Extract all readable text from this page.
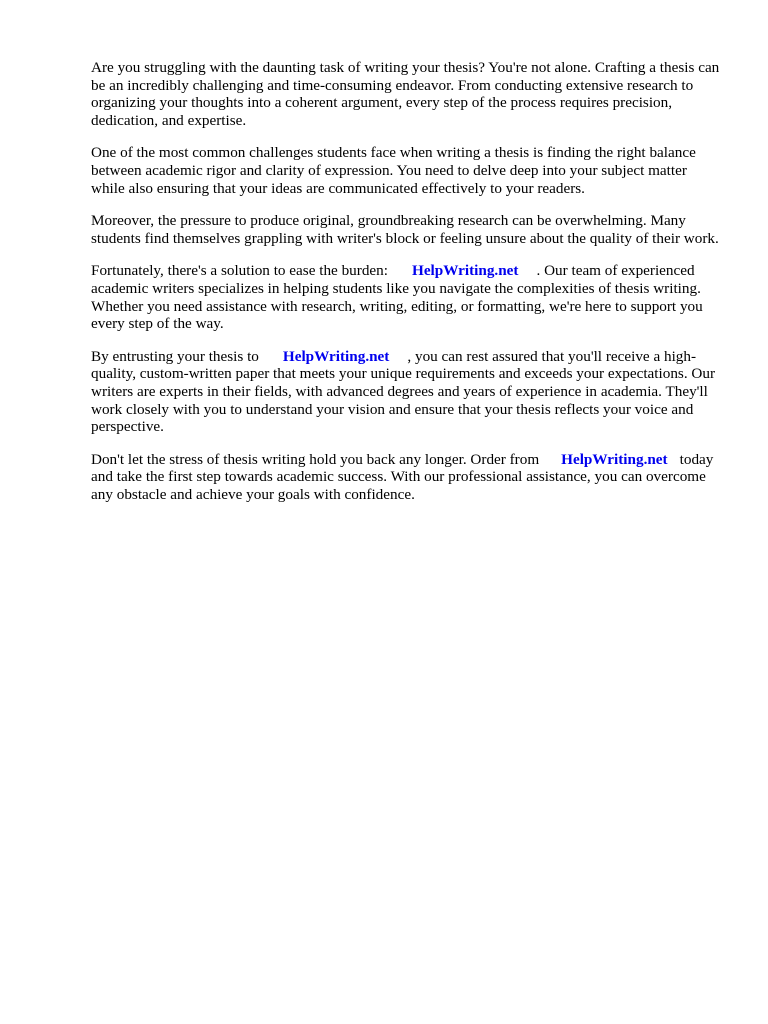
Are you struggling with the daunting task of writing your thesis? You're not alone. Crafting a thesis can be an incredibly challenging and time-consuming endeavor. From conducting extensive research to organizing your thoughts into a coherent argument, every step of the process requires precision, dedication, and expertise.

One of the most common challenges students face when writing a thesis is finding the right balance between academic rigor and clarity of expression. You need to delve deep into your subject matter while also ensuring that your ideas are communicated effectively to your readers.

Moreover, the pressure to produce original, groundbreaking research can be overwhelming. Many students find themselves grappling with writer's block or feeling unsure about the quality of their work.

Fortunately, there's a solution to ease the burden: HelpWriting.net . Our team of experienced academic writers specializes in helping students like you navigate the complexities of thesis writing. Whether you need assistance with research, writing, editing, or formatting, we're here to support you every step of the way.

By entrusting your thesis to HelpWriting.net , you can rest assured that you'll receive a high-quality, custom-written paper that meets your unique requirements and exceeds your expectations. Our writers are experts in their fields, with advanced degrees and years of experience in academia. They'll work closely with you to understand your vision and ensure that your thesis reflects your voice and perspective.

Don't let the stress of thesis writing hold you back any longer. Order from HelpWriting.net today and take the first step towards academic success. With our professional assistance, you can overcome any obstacle and achieve your goals with confidence.
